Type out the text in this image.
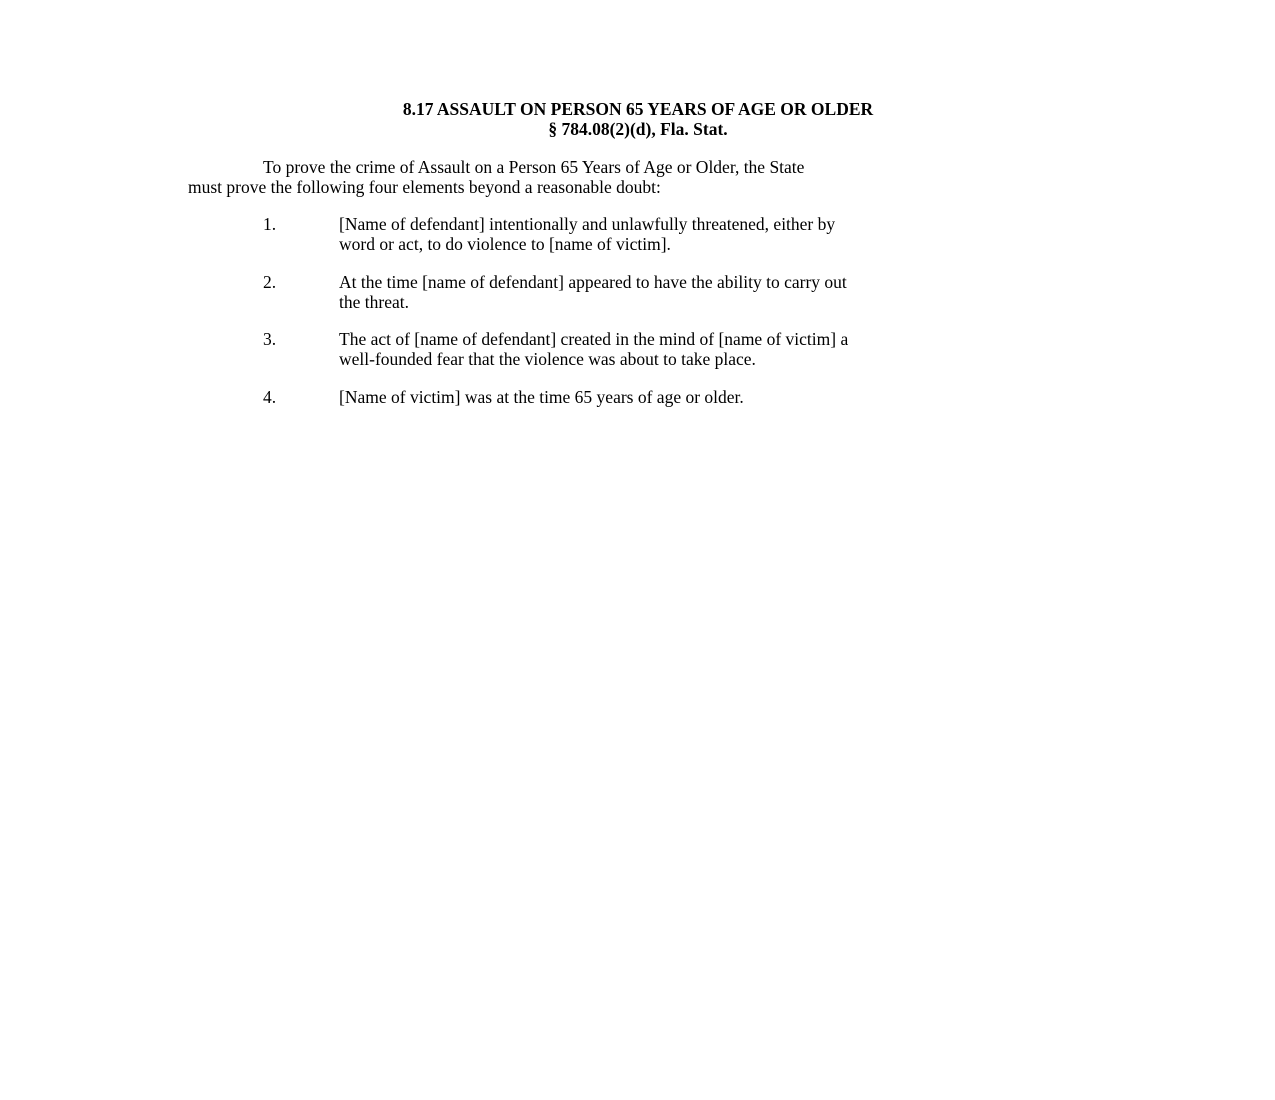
8.17 ASSAULT ON PERSON 65 YEARS OF AGE OR OLDER
§ 784.08(2)(d), Fla. Stat.
To prove the crime of Assault on a Person 65 Years of Age or Older, the State
must prove the following four elements beyond a reasonable doubt:
1.	[Name of defendant] intentionally and unlawfully threatened, either by
word or act, to do violence to [name of victim].
2.	At the time [name of defendant] appeared to have the ability to carry out
the threat.
3.	The act of [name of defendant] created in the mind of [name of victim] a
well-founded fear that the violence was about to take place.
4.	[Name of victim] was at the time 65 years of age or older.
